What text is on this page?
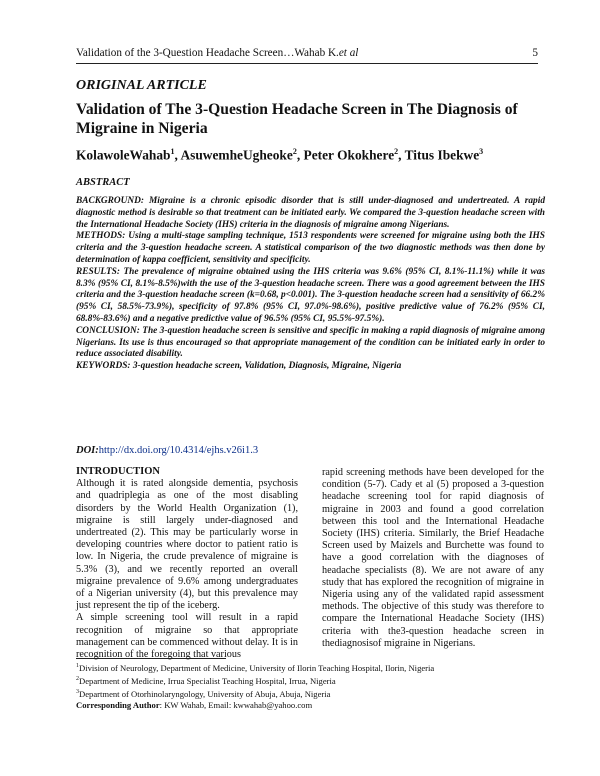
Validation of the 3-Question Headache Screen…Wahab K.et al	5
ORIGINAL ARTICLE
Validation of The 3-Question Headache Screen in The Diagnosis of Migraine in Nigeria
KolawoleWahab$^1$, AsuwemheUgheoke$^2$, Peter Okokhere$^2$, Titus Ibekwe$^3$
ABSTRACT

BACKGROUND: Migraine is a chronic episodic disorder that is still under-diagnosed and undertreated. A rapid diagnostic method is desirable so that treatment can be initiated early. We compared the 3-question headache screen with the International Headache Society (IHS) criteria in the diagnosis of migraine among Nigerians.

METHODS: Using a multi-stage sampling technique, 1513 respondents were screened for migraine using both the IHS criteria and the 3-question headache screen. A statistical comparison of the two diagnostic methods was then done by determination of kappa coefficient, sensitivity and specificity.

RESULTS: The prevalence of migraine obtained using the IHS criteria was 9.6% (95% CI, 8.1%-11.1%) while it was 8.3% (95% CI, 8.1%-8.5%)with the use of the 3-question headache screen. There was a good agreement between the IHS criteria and the 3-question headache screen (k=0.68, p<0.001). The 3-question headache screen had a sensitivity of 66.2% (95% CI, 58.5%-73.9%), specificity of 97.8% (95% CI, 97.0%-98.6%), positive predictive value of 76.2% (95% CI, 68.8%-83.6%) and a negative predictive value of 96.5% (95% CI, 95.5%-97.5%).

CONCLUSION: The 3-question headache screen is sensitive and specific in making a rapid diagnosis of migraine among Nigerians. Its use is thus encouraged so that appropriate management of the condition can be initiated early in order to reduce associated disability.

KEYWORDS: 3-question headache screen, Validation, Diagnosis, Migraine, Nigeria

DOI:http://dx.doi.org/10.4314/ejhs.v26i1.3
INTRODUCTION

Although it is rated alongside dementia, psychosis and quadriplegia as one of the most disabling disorders by the World Health Organization (1), migraine is still largely under-diagnosed and undertreated (2). This may be particularly worse in developing countries where doctor to patient ratio is low. In Nigeria, the crude prevalence of migraine is 5.3% (3), and we recently reported an overall migraine prevalence of 9.6% among undergraduates of a Nigerian university (4), but this prevalence may just represent the tip of the iceberg.

A simple screening tool will result in a rapid recognition of migraine so that appropriate management can be commenced without delay. It is in recognition of the foregoing that various

rapid screening methods have been developed for the condition (5-7). Cady et al (5) proposed a 3-question headache screening tool for rapid diagnosis of migraine in 2003 and found a good correlation between this tool and the International Headache Society (IHS) criteria. Similarly, the Brief Headache Screen used by Maizels and Burchette was found to have a good correlation with the diagnoses of headache specialists (8). We are not aware of any study that has explored the recognition of migraine in Nigeria using any of the validated rapid assessment methods. The objective of this study was therefore to compare the International Headache Society (IHS) criteria with the3-question headache screen in thediagnosisof migraine in Nigerians.

$^1$Division of Neurology, Department of Medicine, University of Ilorin Teaching Hospital, Ilorin, Nigeria

$^2$Department of Medicine, Irrua Specialist Teaching Hospital, Irrua, Nigeria

$^3$Department of Otorhinolaryngology, University of Abuja, Abuja, Nigeria

Corresponding Author: KW Wahab, Email: kwwahab@yahoo.com
